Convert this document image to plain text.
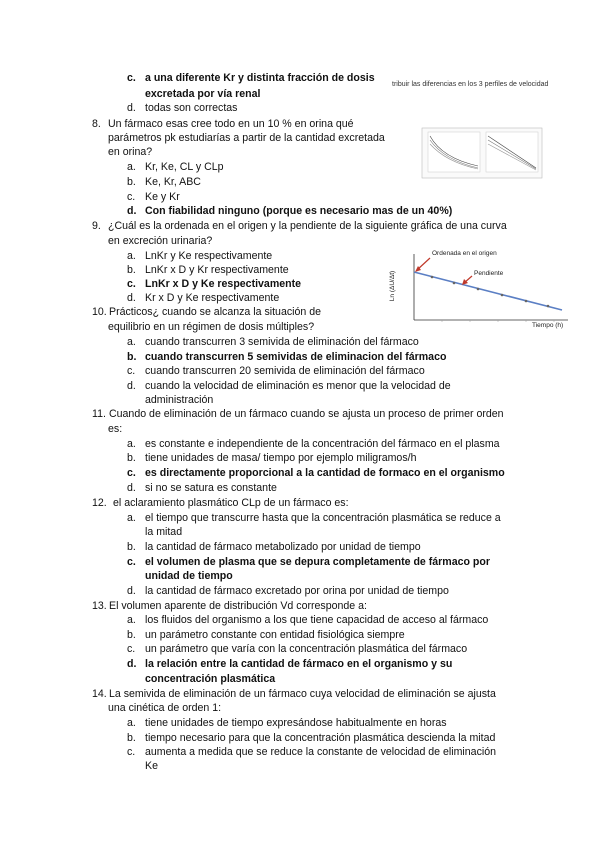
c. a una diferente Kr y distinta fracción de dosis
excretada por vía renal
d. todas son correctas
tribuir las diferencias en los 3 perfiles de velocidad
8. Un fármaco esas cree todo en un 10 % en orina qué
parámetros pk estudiarías a partir de la cantidad excretada
en orina?
a. Kr, Ke, CL y CLp
b. Ke, Kr, ABC
c. Ke y Kr
d. Con fiabilidad ninguno (porque es necesario mas de un 40%)
9. ¿Cuál es la ordenada en el origen y la pendiente de la siguiente gráfica de una curva
en excreción urinaria?
a. LnKr y Ke respectivamente
b. LnKr x D y Kr respectivamente
c. LnKr x D y Ke respectivamente
d. Kr x D y Ke respectivamente
Ordenada en el origen
Pendiente
Ln (ΔU/Δt)
Tiempo (h)
10. Prácticos¿ cuando se alcanza la situación de
equilibrio en un régimen de dosis múltiples?
a. cuando transcurren 3 semivida de eliminación del fármaco
b. cuando transcurren 5 semividas de eliminacion del fármaco
c. cuando transcurren 20 semivida de eliminación del fármaco
d. cuando la velocidad de eliminación es menor que la velocidad de
administración
11. Cuando de eliminación de un fármaco cuando se ajusta un proceso de primer orden
es:
a. es constante e independiente de la concentración del fármaco en el plasma
b. tiene unidades de masa/ tiempo por ejemplo miligramos/h
c. es directamente proporcional a la cantidad de formaco en el organismo
d. si no se satura es constante
12. el aclaramiento plasmático CLp de un fármaco es:
a. el tiempo que transcurre hasta que la concentración plasmática se reduce a
la mitad
b. la cantidad de fármaco metabolizado por unidad de tiempo
c. el volumen de plasma que se depura completamente de fármaco por
unidad de tiempo
d. la cantidad de fármaco excretado por orina por unidad de tiempo
13. El volumen aparente de distribución Vd corresponde a:
a. los fluidos del organismo a los que tiene capacidad de acceso al fármaco
b. un parámetro constante con entidad fisiológica siempre
c. un parámetro que varía con la concentración plasmática del fármaco
d. la relación entre la cantidad de fármaco en el organismo y su
concentración plasmática
14. La semivida de eliminación de un fármaco cuya velocidad de eliminación se ajusta
una cinética de orden 1:
a. tiene unidades de tiempo expresándose habitualmente en horas
b. tiempo necesario para que la concentración plasmática descienda la mitad
c. aumenta a medida que se reduce la constante de velocidad de eliminación
Ke
